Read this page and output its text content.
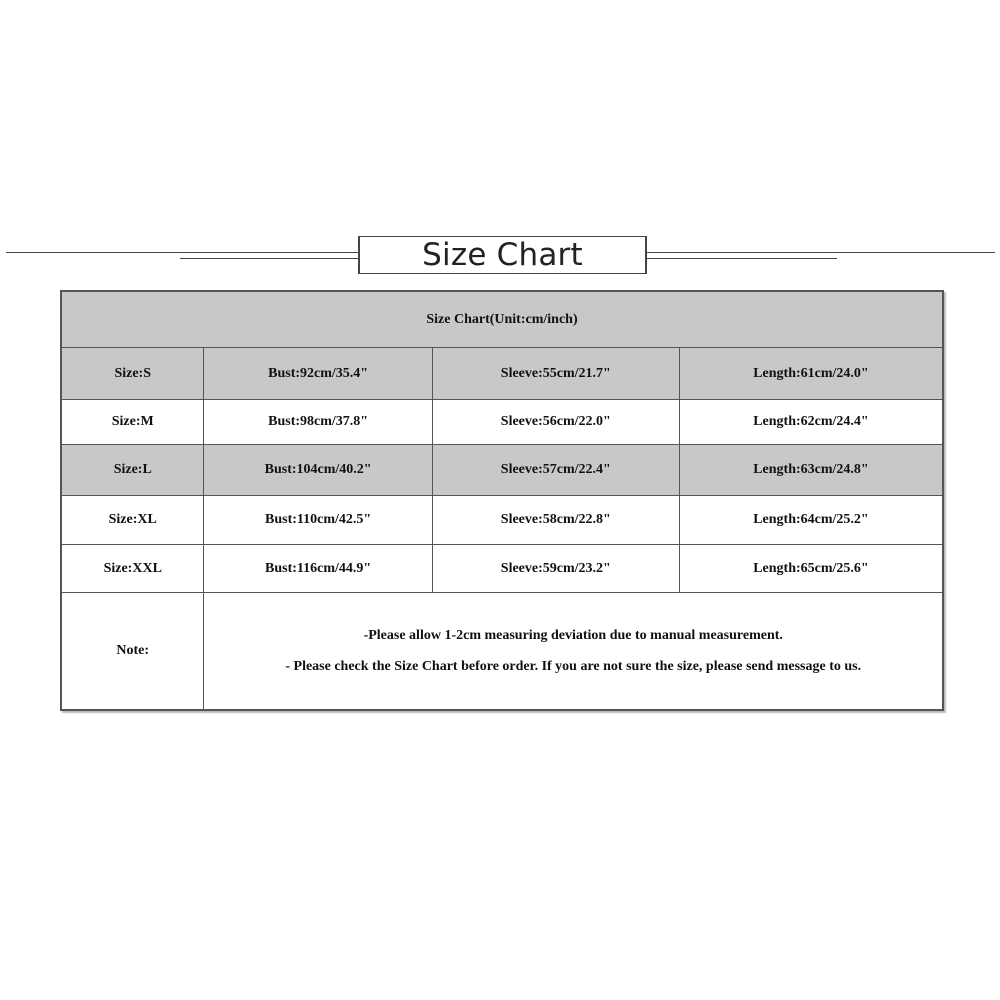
Size Chart
Size Chart(Unit:cm/inch)			
Size:S	Bust:92cm/35.4"	Sleeve:55cm/21.7"	Length:61cm/24.0"
Size:M	Bust:98cm/37.8"	Sleeve:56cm/22.0"	Length:62cm/24.4"
Size:L	Bust:104cm/40.2"	Sleeve:57cm/22.4"	Length:63cm/24.8"
Size:XL	Bust:110cm/42.5"	Sleeve:58cm/22.8"	Length:64cm/25.2"
Size:XXL	Bust:116cm/44.9"	Sleeve:59cm/23.2"	Length:65cm/25.6"
Note:	-Please allow 1-2cm measuring deviation due to manual measurement.
- Please check the Size Chart before order. If you are not sure the size, please send message to us.		
